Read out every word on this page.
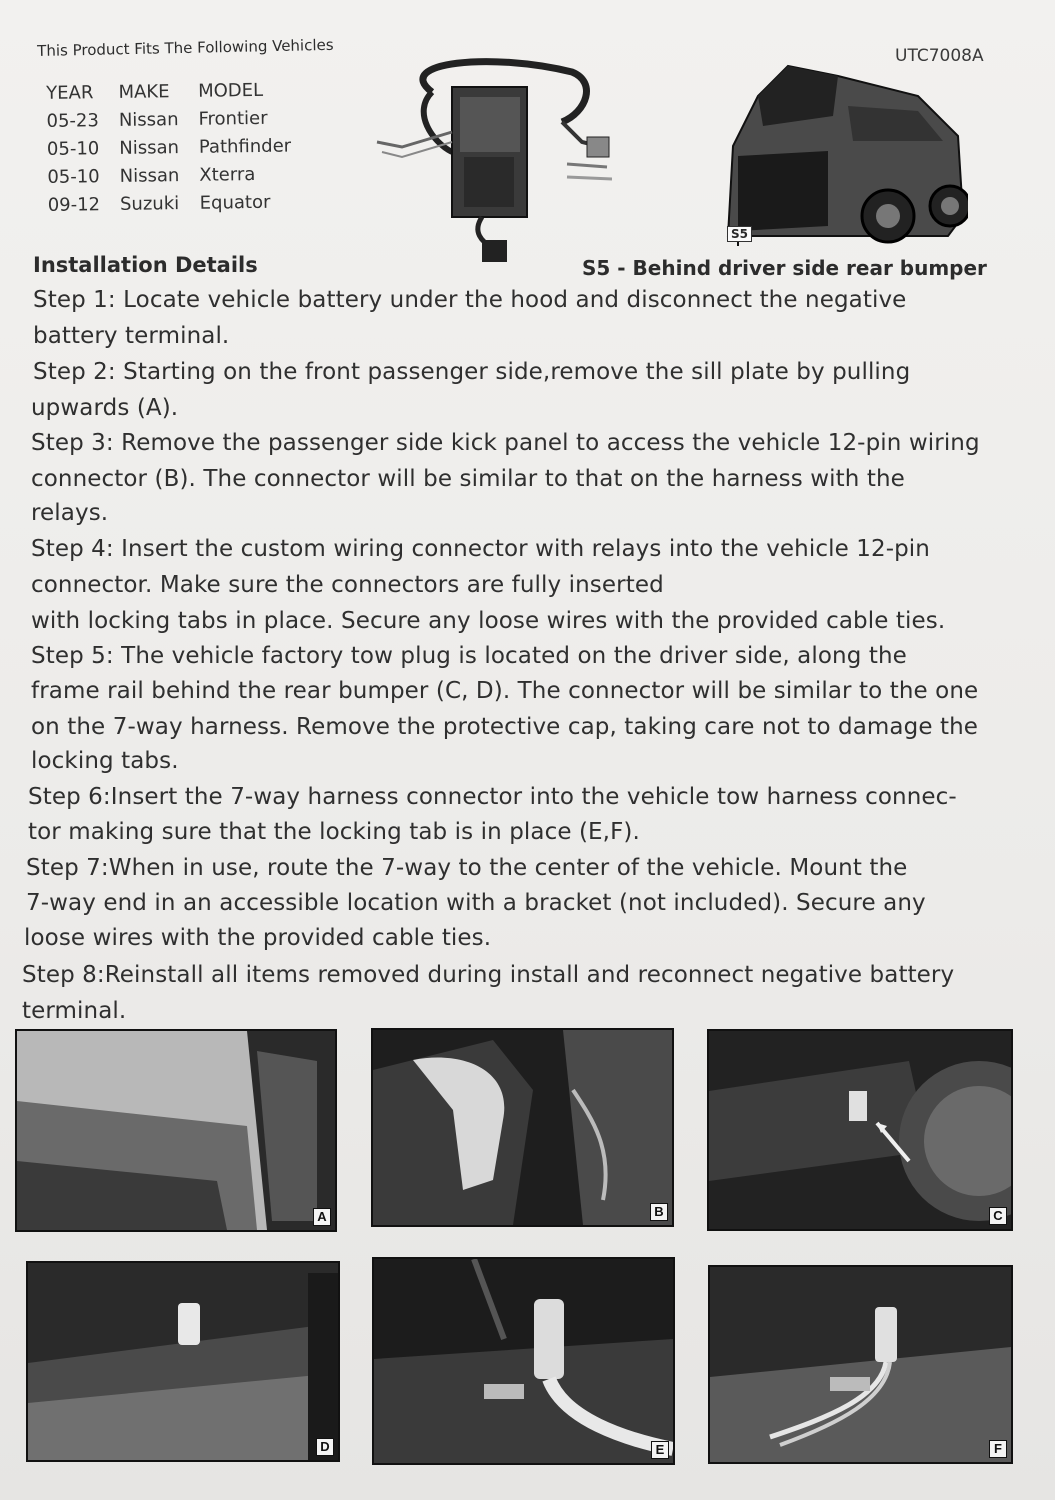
This Product Fits The Following Vehicles	UTC7008A
YEAR	MAKE	MODEL
05-23	Nissan	Frontier
05-10	Nissan	Pathfinder
05-10	Nissan	Xterra
09-12	Suzuki	Equator
S5
Installation Details	S5 - Behind driver side rear bumper
Step 1: Locate vehicle battery under the hood and disconnect the negative
battery terminal.
Step 2: Starting on the front passenger side,remove the sill plate by pulling
upwards (A).
Step 3: Remove the passenger side kick panel to access the vehicle 12-pin wiring
connector (B). The connector will be similar to that on the harness with the
relays.
Step 4: Insert the custom wiring connector with relays into the vehicle 12-pin
connector. Make sure the connectors are fully inserted
with locking tabs in place. Secure any loose wires with the provided cable ties.
Step 5: The vehicle factory tow plug is located on the driver side, along the
frame rail behind the rear bumper (C, D). The connector will be similar to the one
on the 7-way harness. Remove the protective cap, taking care not to damage the
locking tabs.
Step 6:Insert the 7-way harness connector into the vehicle tow harness connec-
tor making sure that the locking tab is in place (E,F).
Step 7:When in use, route the 7-way to the center of the vehicle. Mount the
7-way end in an accessible location with a bracket (not included). Secure any
loose wires with the provided cable ties.
Step 8:Reinstall all items removed during install and reconnect negative battery
terminal.
A	B	C
D	E	F
